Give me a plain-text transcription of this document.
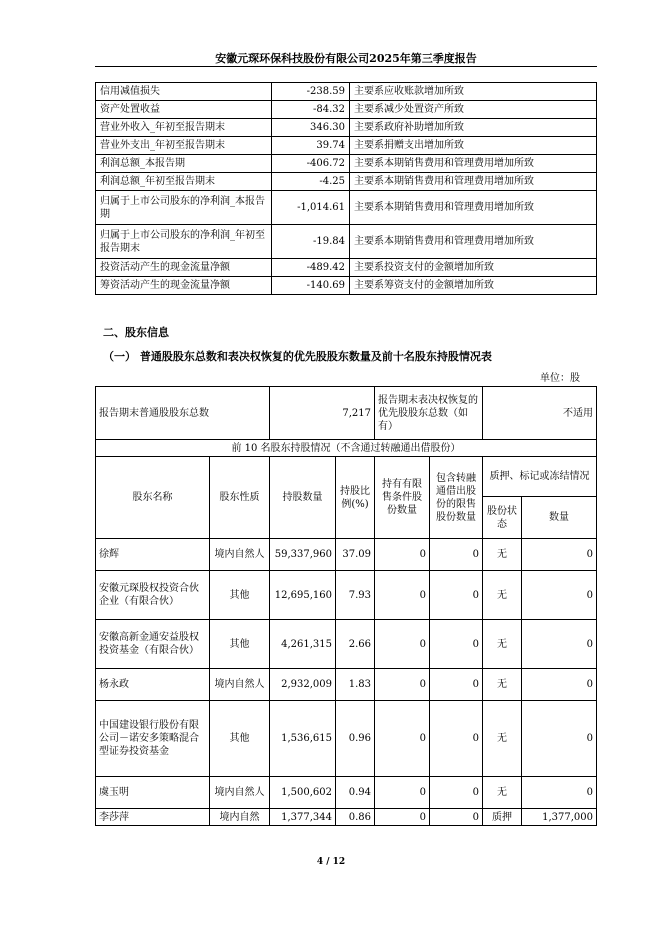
安徽元琛环保科技股份有限公司2025年第三季度报告
信用减值损失	-238.59	主要系应收账款增加所致
资产处置收益	-84.32	主要系减少处置资产所致
营业外收入_年初至报告期末	346.30	主要系政府补助增加所致
营业外支出_年初至报告期末	39.74	主要系捐赠支出增加所致
利润总额_本报告期	-406.72	主要系本期销售费用和管理费用增加所致
利润总额_年初至报告期末	-4.25	主要系本期销售费用和管理费用增加所致
归属于上市公司股东的净利润_本报告期	-1,014.61	主要系本期销售费用和管理费用增加所致
归属于上市公司股东的净利润_年初至报告期末	-19.84	主要系本期销售费用和管理费用增加所致
投资活动产生的现金流量净额	-489.42	主要系投资支付的金额增加所致
筹资活动产生的现金流量净额	-140.69	主要系筹资支付的金额增加所致
二、股东信息
（一） 普通股股东总数和表决权恢复的优先股股东数量及前十名股东持股情况表
单位：股
报告期末普通股股东总数		7,217		报告期末表决权恢复的优先股股东总数（如有）		不适用	
前 10 名股东持股情况（不含通过转融通出借股份）							
股东名称	股东性质	持股数量	持股比例(%)	持有有限售条件股份数量	包含转融通借出股份的限售股份数量	质押、标记或冻结情况	
						股份状态	数量
徐辉	境内自然人	59,337,960	37.09	0	0	无	0
安徽元琛股权投资合伙企业（有限合伙）	其他	12,695,160	7.93	0	0	无	0
安徽高新金通安益股权投资基金（有限合伙）	其他	4,261,315	2.66	0	0	无	0
杨永政	境内自然人	2,932,009	1.83	0	0	无	0
中国建设银行股份有限公司－诺安多策略混合型证券投资基金	其他	1,536,615	0.96	0	0	无	0
虞玉明	境内自然人	1,500,602	0.94	0	0	无	0
李莎萍	境内自然	1,377,344	0.86	0	0	质押	1,377,000
4 / 12
